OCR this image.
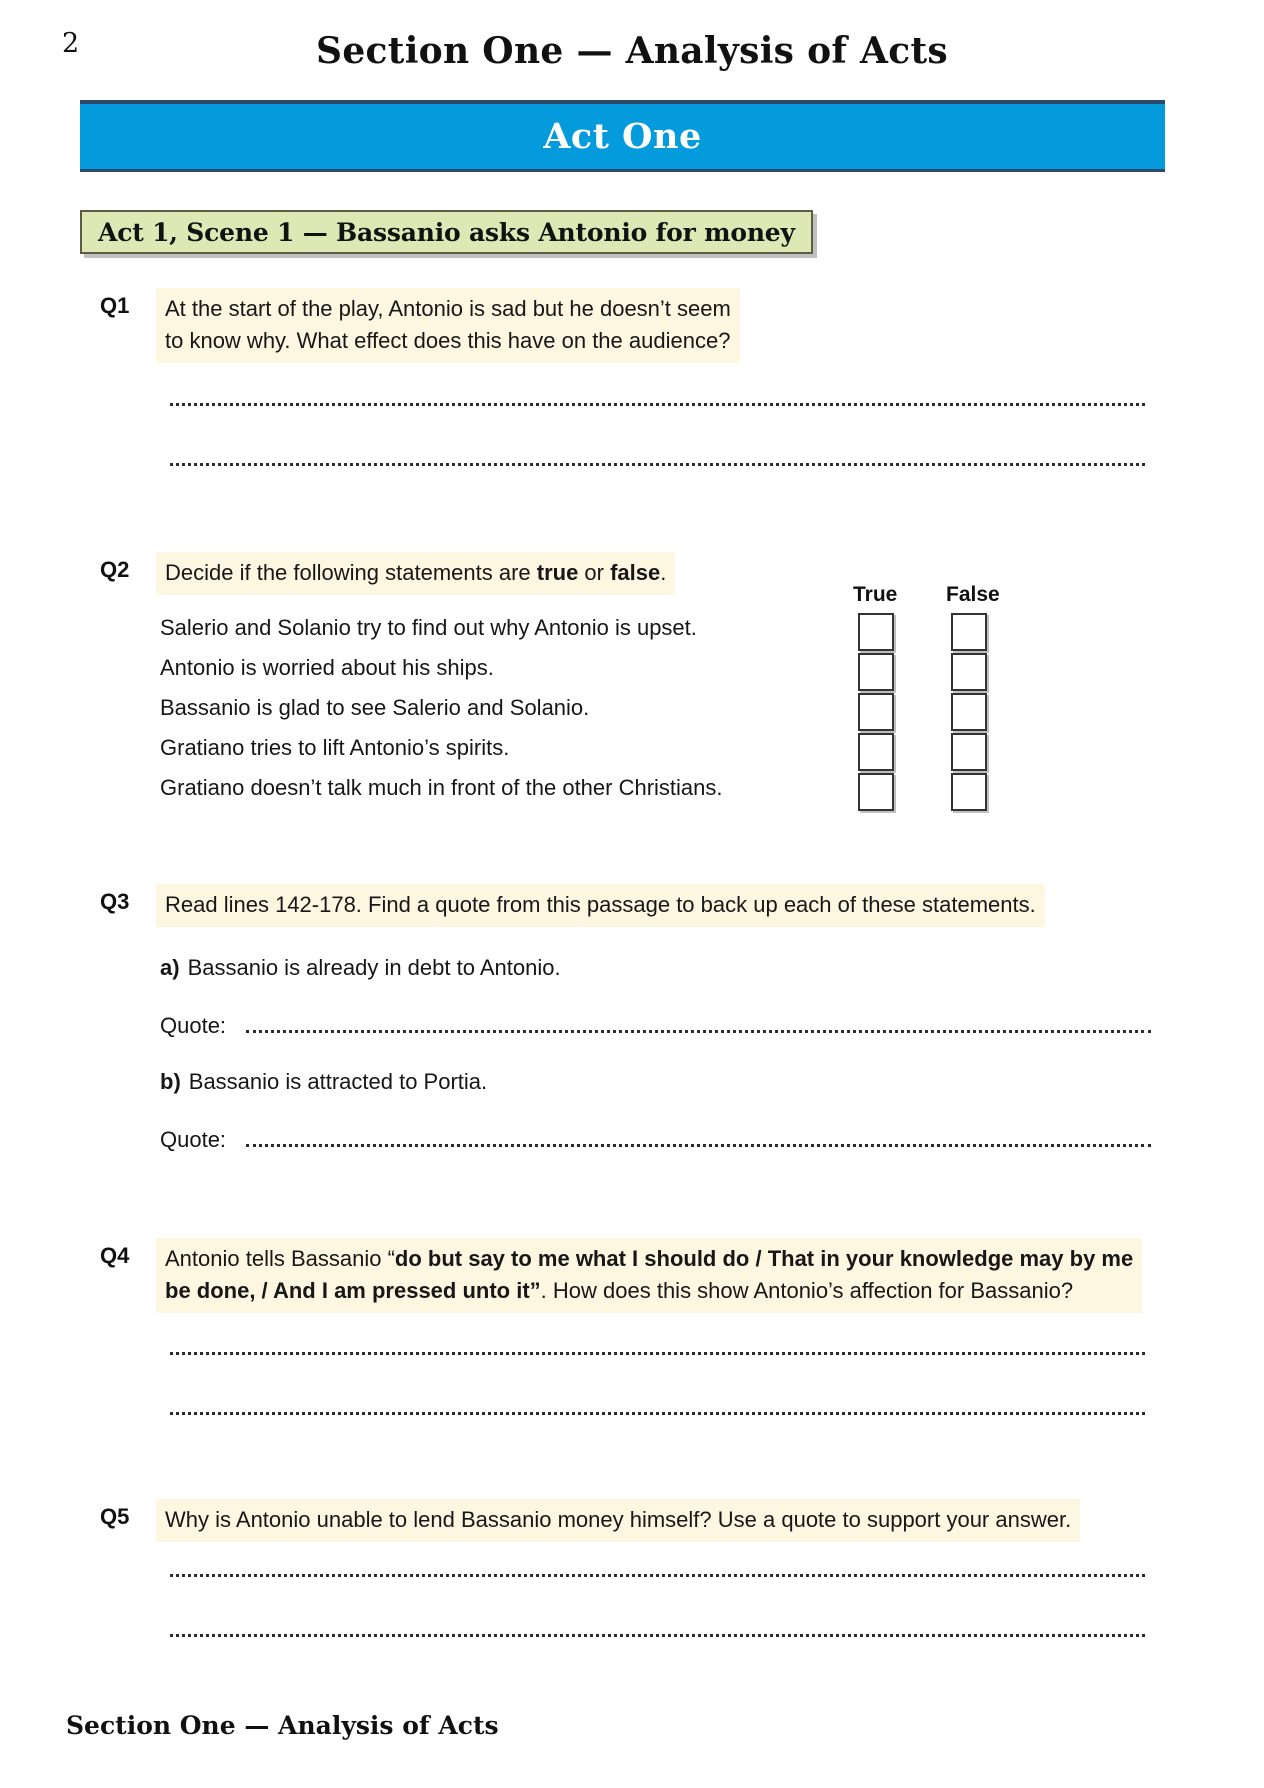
2	Section One — Analysis of Acts
Act One
Act 1, Scene 1 — Bassanio asks Antonio for money
Q1	At the start of the play, Antonio is sad but he doesn’t seem
to know why. What effect does this have on the audience?
Q2	Decide if the following statements are true or false.
True False
Salerio and Solanio try to find out why Antonio is upset.
Antonio is worried about his ships.
Bassanio is glad to see Salerio and Solanio.
Gratiano tries to lift Antonio’s spirits.
Gratiano doesn’t talk much in front of the other Christians.
Q3	Read lines 142-178. Find a quote from this passage to back up each of these statements.
a) Bassanio is already in debt to Antonio.
Quote:
b) Bassanio is attracted to Portia.
Quote:
Q4	Antonio tells Bassanio “do but say to me what I should do / That in your knowledge may by me
be done, / And I am pressed unto it”. How does this show Antonio’s affection for Bassanio?
Q5	Why is Antonio unable to lend Bassanio money himself? Use a quote to support your answer.
Section One — Analysis of Acts
